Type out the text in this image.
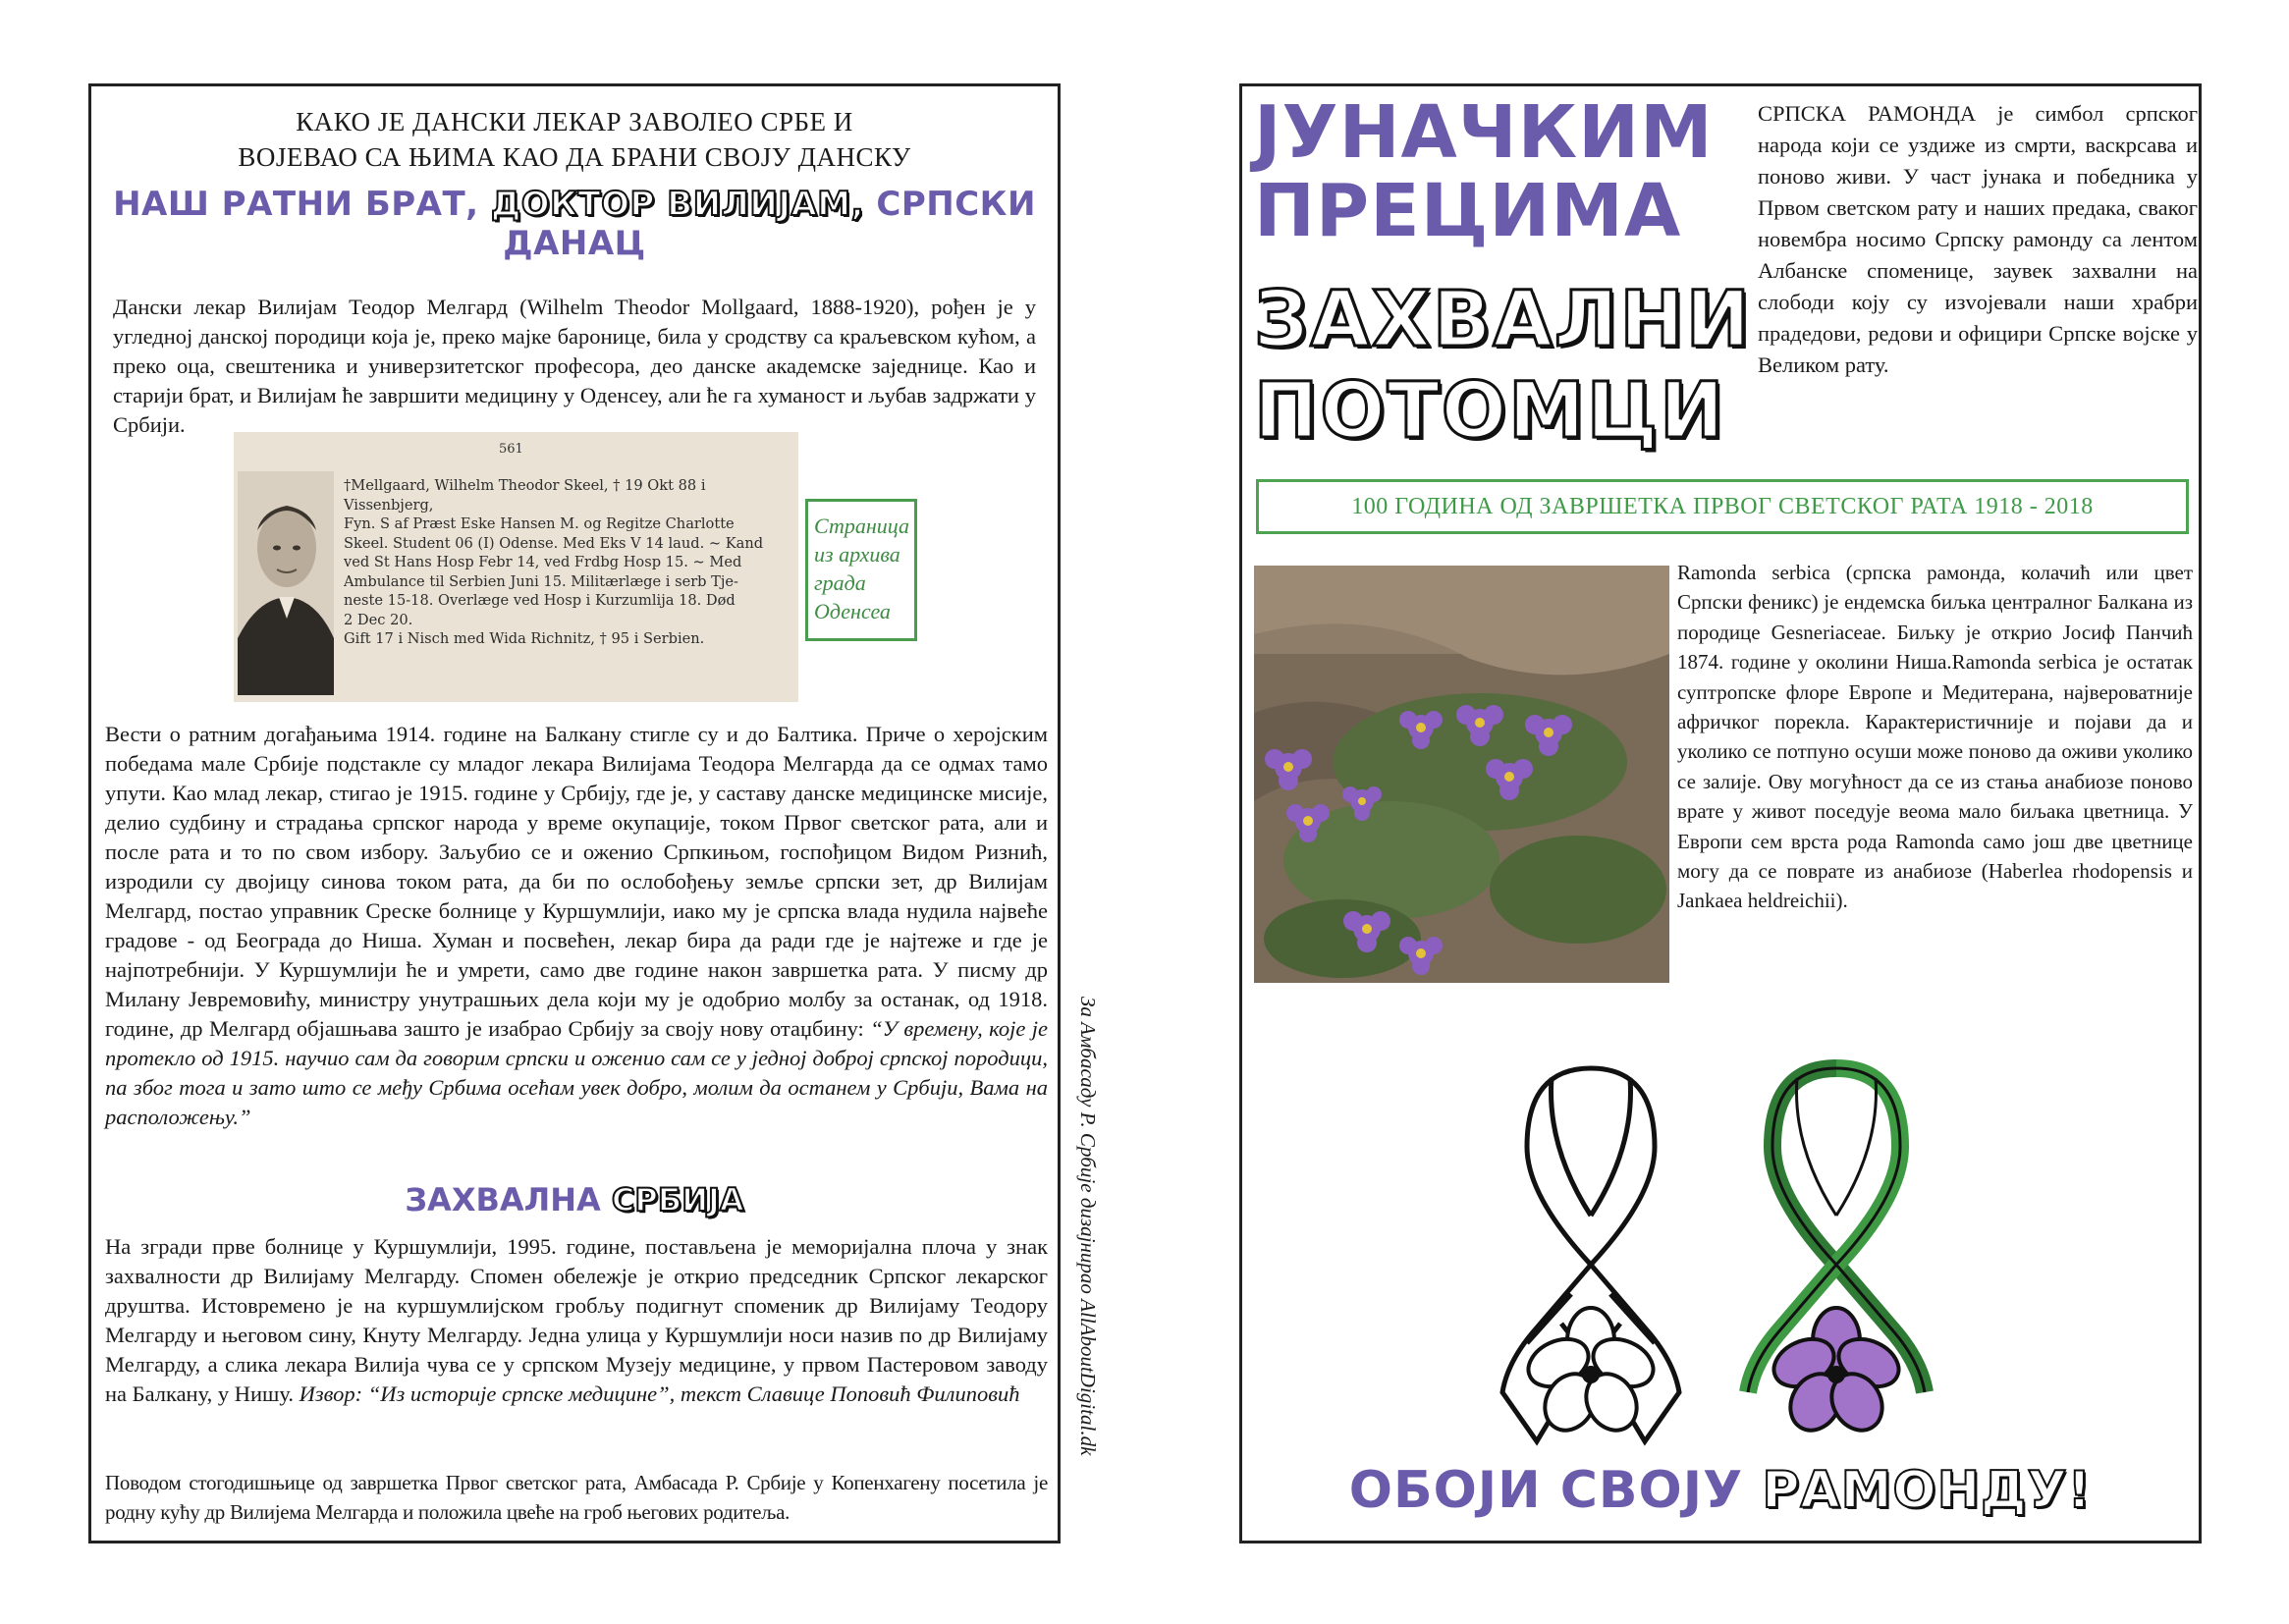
КАКО ЈЕ ДАНСКИ ЛЕКАР ЗАВОЛЕО СРБЕ И
ВОЈЕВАО СА ЊИМА КАО ДА БРАНИ СВОЈУ ДАНСКУ
НАШ РАТНИ БРАТ, ДОКТОР ВИЛИЈАМ, СРПСКИ ДАНАЦ

Дански лекар Вилијам Теодор Мелгард (Wilhelm Theodor Mollgaard, 1888-1920), рођен је у угледној данској породици која је, преко мајке баронице, била у сродству са краљевском кућом, а преко оца, свештеника и универзитетског професора, део данске академске заједнице. Као и старији брат, и Вилијам ће завршити медицину у Оденсеу, али ће га хуманост и љубав задржати у Србији.

561
†Mellgaard, Wilhelm Theodor Skeel, † 19 Okt 88 i Vissenbjerg,
Fyn. S af Præst Eske Hansen M. og Regitze Charlotte
Skeel. Student 06 (I) Odense. Med Eks V 14 laud. ~ Kand
ved St Hans Hosp Febr 14, ved Frdbg Hosp 15. ~ Med
Ambulance til Serbien Juni 15. Militærlæge i serb Tje-
neste 15-18. Overlæge ved Hosp i Kurzumlija 18. Død
2 Dec 20.
Gift 17 i Nisch med Wida Richnitz, † 95 i Serbien.
Страница из архива града Оденсеа

Вести о ратним догађањима 1914. године на Балкану стигле су и до Балтика. Приче о херојским победама мале Србије подстакле су младог лекара Вилијама Теодора Мелгарда да се одмах тамо упути. Као млад лекар, стигао је 1915. године у Србију, где је, у саставу данске медицинске мисије, делио судбину и страдања српског народа у време окупације, током Првог светског рата, али и после рата и то по свом избору. Заљубио се и оженио Српкињом, госпођицом Видом Ризнић, изродили су двојицу синова током рата, да би по ослобођењу земље српски зет, др Вилијам Мелгард, постао управник Среске болнице у Куршумлији, иако му је српска влада нудила највеће градове - од Београда до Ниша. Хуман и посвећен, лекар бира да ради где је најтеже и где је најпотребнији. У Куршумлији ће и умрети, само две године након завршетка рата. У писму др Милану Јевремовићу, министру унутрашњих дела који му је одобрио молбу за останак, од 1918. године, др Мелгард објашњава зашто је изабрао Србију за своју нову отаџбину: “У времену, које је протекло од 1915. научио сам да говорим српски и оженио сам се у једној доброј српској породици, па због тога и зато што се међу Србима осећам увек добро, молим да останем у Србији, Вама на расположењу.”

ЗАХВАЛНА СРБИЈА

На згради прве болнице у Куршумлији, 1995. године, постављена је меморијална плоча у знак захвалности др Вилијаму Мелгарду. Спомен обележје је открио председник Српског лекарског друштва. Истовремено је на куршумлијском гробљу подигнут споменик др Вилијаму Теодору Мелгарду и његовом сину, Кнуту Мелгарду. Једна улица у Куршумлији носи назив по др Вилијаму Мелгарду, а слика лекара Вилија чува се у српском Музеју медицине, у првом Пастеровом заводу на Балкану, у Нишу. Извор: “Из историје српске медицине”, текст Славице Поповић Филиповић

Поводом стогодишњице од завршетка Првог светског рата, Амбасада Р. Србије у Копенхагену посетила је родну кућу др Вилијема Мелгарда и положила цвеће на гроб његових родитеља.

За Амбасаду Р. Србије дизајнирао AllAboutDigital.dk
ЈУНАЧКИМ
ПРЕЦИМА
ЗАХВАЛНИ
ПОТОМЦИ
СРПСКА РАМОНДА је симбол српског народа који се уздиже из смрти, васкрсава и поново живи. У част јунака и победника у Првом светском рату и наших предака, сваког новембра носимо Српску рамонду са лентом Албанске споменице, заувек захвални на слободи коју су изvojевали наши храбри прадедови, редови и официри Српске војске у Великом рату.
100 ГОДИНА ОД ЗАВРШЕТКА ПРВОГ СВЕТСКОГ РАТА 1918 - 2018
Ramonda serbica (српска рамонда, колачић или цвет Српски феникс) је ендемска биљка централног Балкана из породице Gesneriaceae. Биљку је открио Јосиф Панчић 1874. године у околини Ниша.Ramonda serbica је остатак суптропске флоре Европе и Медитерана, највероватније афричког порекла. Карактеристичније и појави да и уколико се потпуно осуши може поново да оживи уколико се залије. Ову могућност да се из стања анабиозе поново врате у живот поседује веома мало биљака цветница. У Европи сем врста рода Ramonda само још две цветнице могу да се поврате из анабиозе (Haberlea rhodopensis и Jankaea heldreichii).
ОБОЈИ СВОЈУ РАМОНДУ!
